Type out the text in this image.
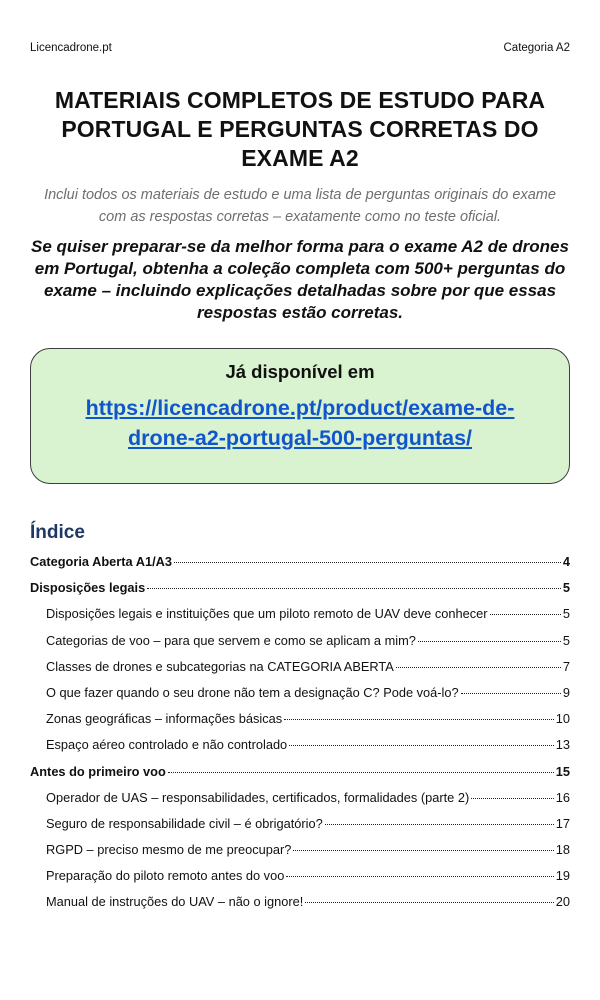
Licencadrone.pt	Categoria A2
MATERIAIS COMPLETOS DE ESTUDO PARA PORTUGAL E PERGUNTAS CORRETAS DO EXAME A2
Inclui todos os materiais de estudo e uma lista de perguntas originais do exame com as respostas corretas – exatamente como no teste oficial.
Se quiser preparar-se da melhor forma para o exame A2 de drones em Portugal, obtenha a coleção completa com 500+ perguntas do exame – incluindo explicações detalhadas sobre por que essas respostas estão corretas.
Já disponível em
https://licencadrone.pt/product/exame-de-drone-a2-portugal-500-perguntas/
Índice
Categoria Aberta A1/A3	4
Disposições legais	5
Disposições legais e instituições que um piloto remoto de UAV deve conhecer	5
Categorias de voo – para que servem e como se aplicam a mim?	5
Classes de drones e subcategorias na CATEGORIA ABERTA	7
O que fazer quando o seu drone não tem a designação C? Pode voá-lo?	9
Zonas geográficas – informações básicas	10
Espaço aéreo controlado e não controlado	13
Antes do primeiro voo	15
Operador de UAS – responsabilidades, certificados, formalidades (parte 2)	16
Seguro de responsabilidade civil – é obrigatório?	17
RGPD – preciso mesmo de me preocupar?	18
Preparação do piloto remoto antes do voo	19
Manual de instruções do UAV – não o ignore!	20
